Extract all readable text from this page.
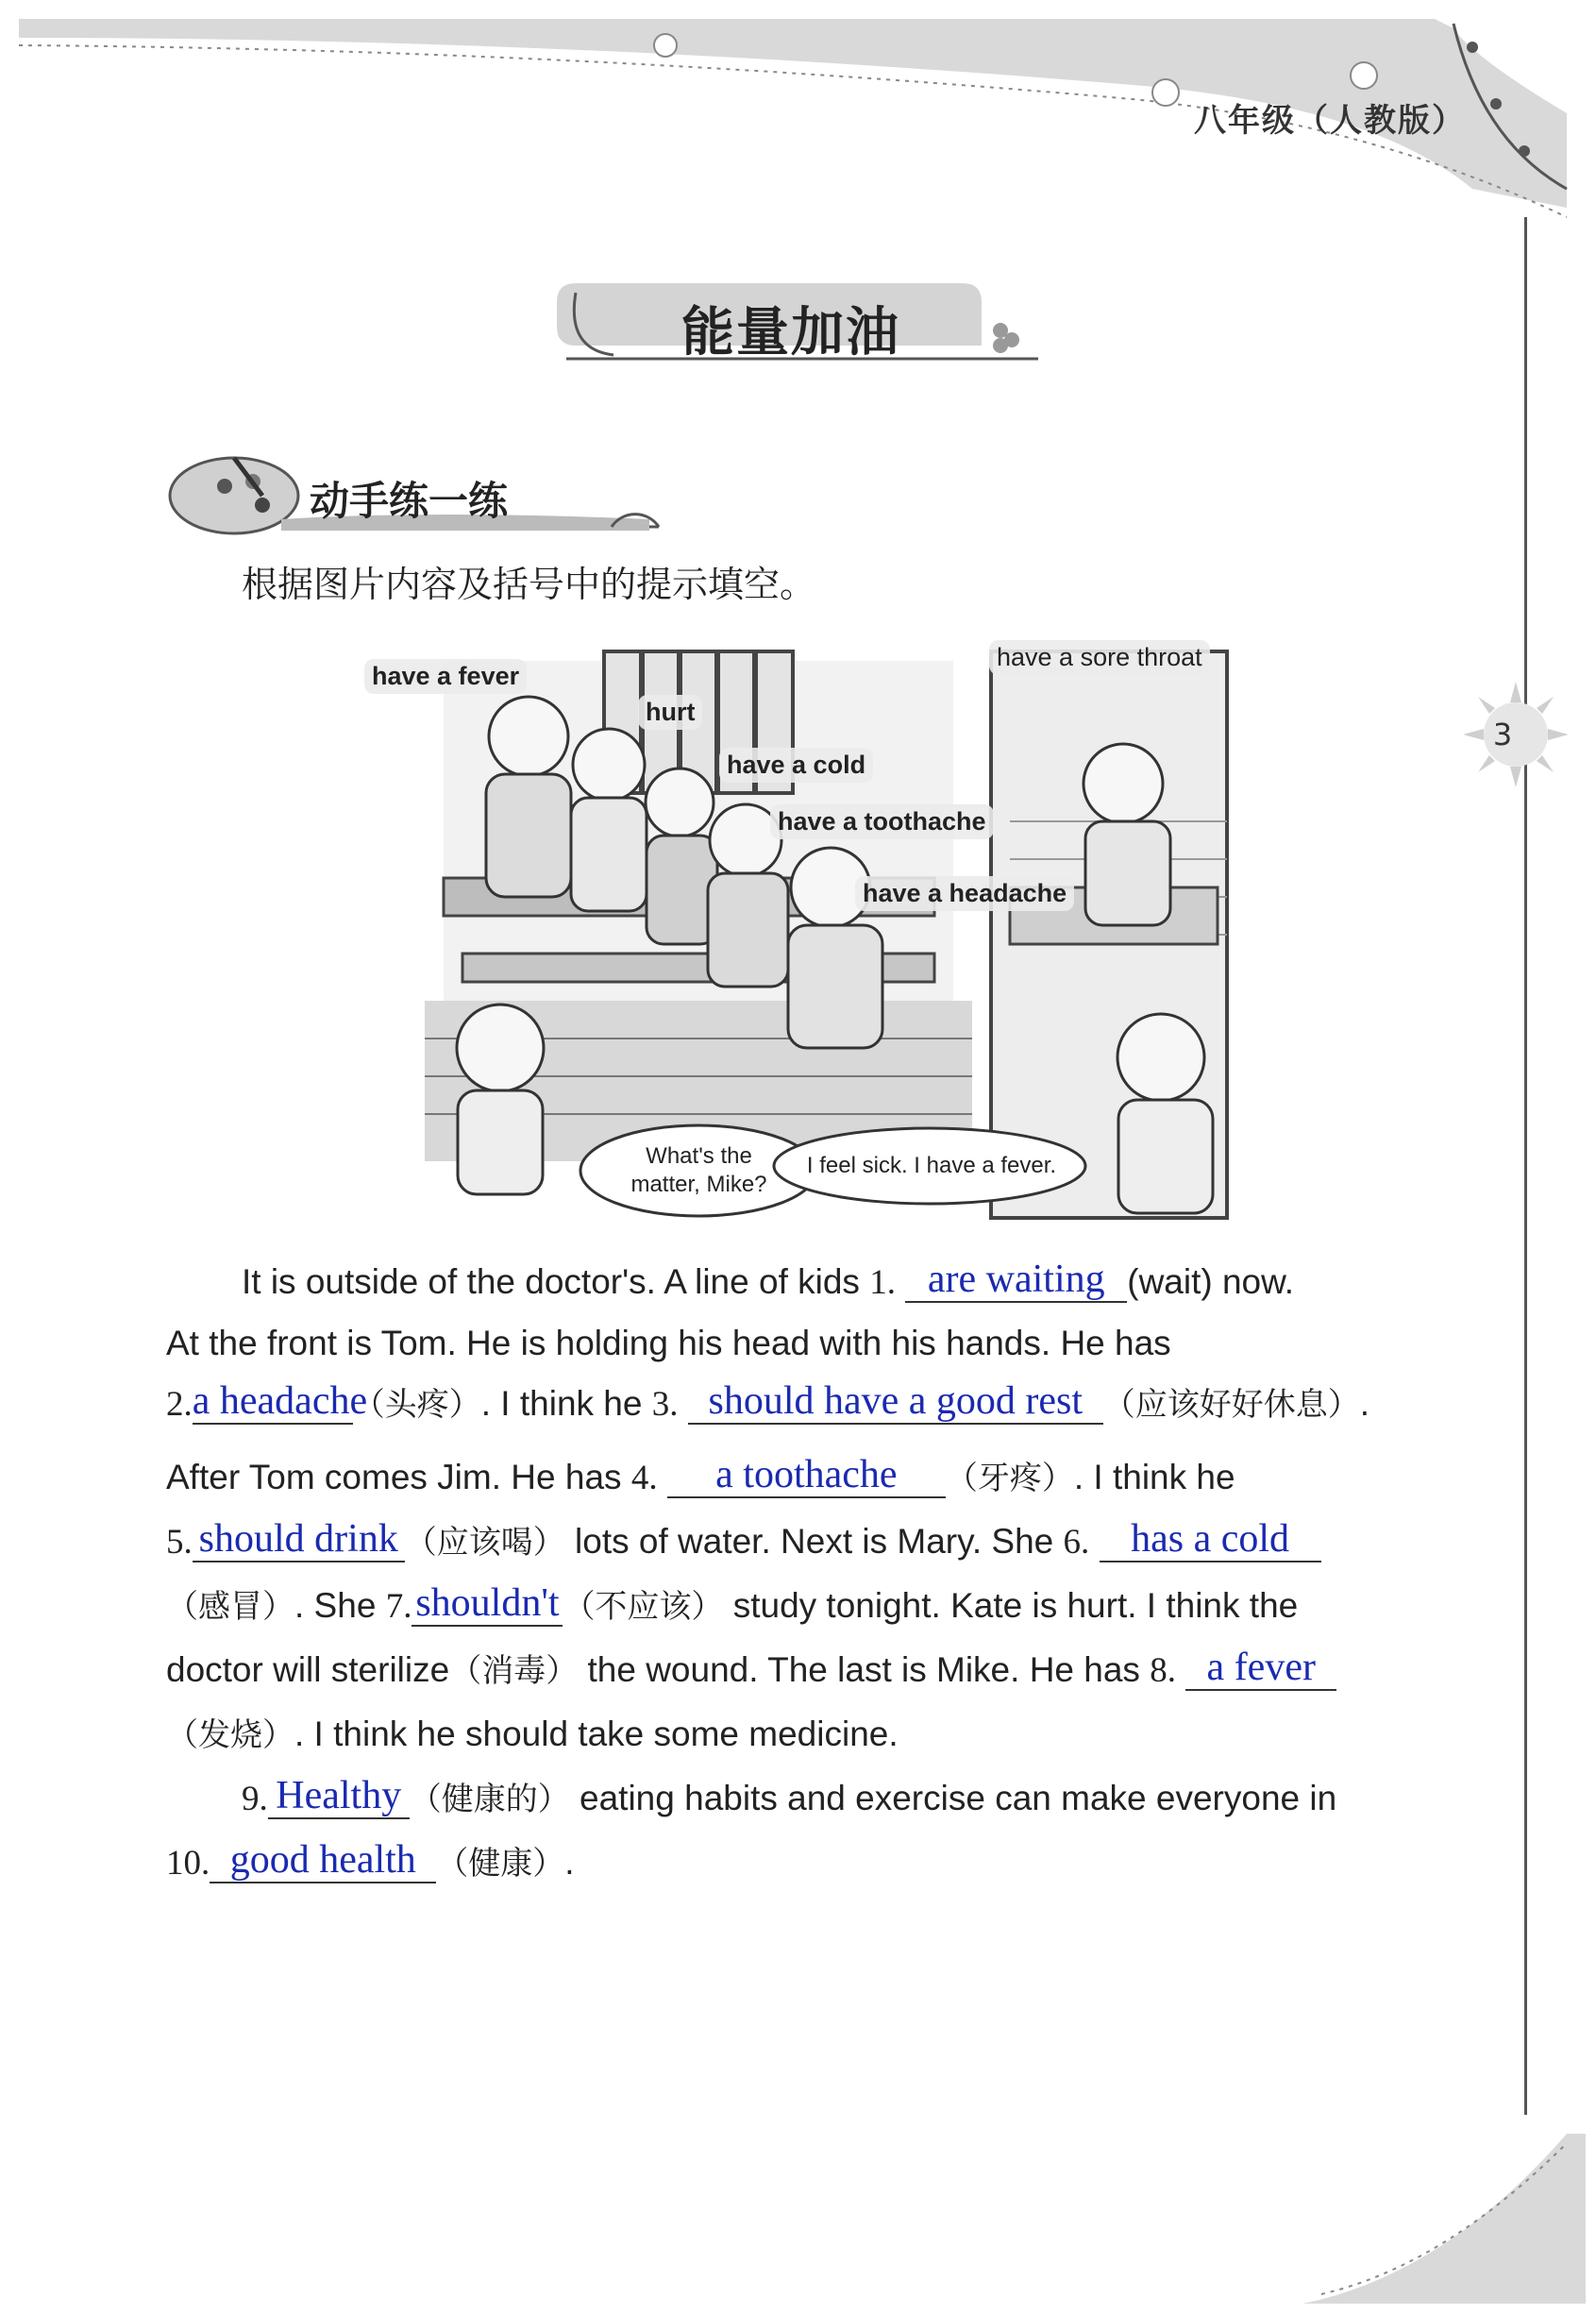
八年级（人教版）
3
能量加油
动手练一练
根据图片内容及括号中的提示填空。
have a fever
hurt
have a cold
have a toothache
have a headache
have a sore throat
What's the
matter, Mike?
I feel sick. I have a fever.
It is outside of the doctor's. A line of kids 1. are waiting (wait) now.
At the front is Tom. He is holding his head with his hands. He has
2.a headache（头疼）. I think he 3. should have a good rest （应该好好休息）.
After Tom comes Jim. He has 4. a toothache （牙疼）. I think he
5. should drink （应该喝） lots of water. Next is Mary. She 6. has a cold
（感冒）. She 7.shouldn't （不应该） study tonight. Kate is hurt. I think the
doctor will sterilize（消毒） the wound. The last is Mike. He has 8. a fever
（发烧）. I think he should take some medicine.
9. Healthy （健康的） eating habits and exercise can make everyone in
10. good health （健康）.
